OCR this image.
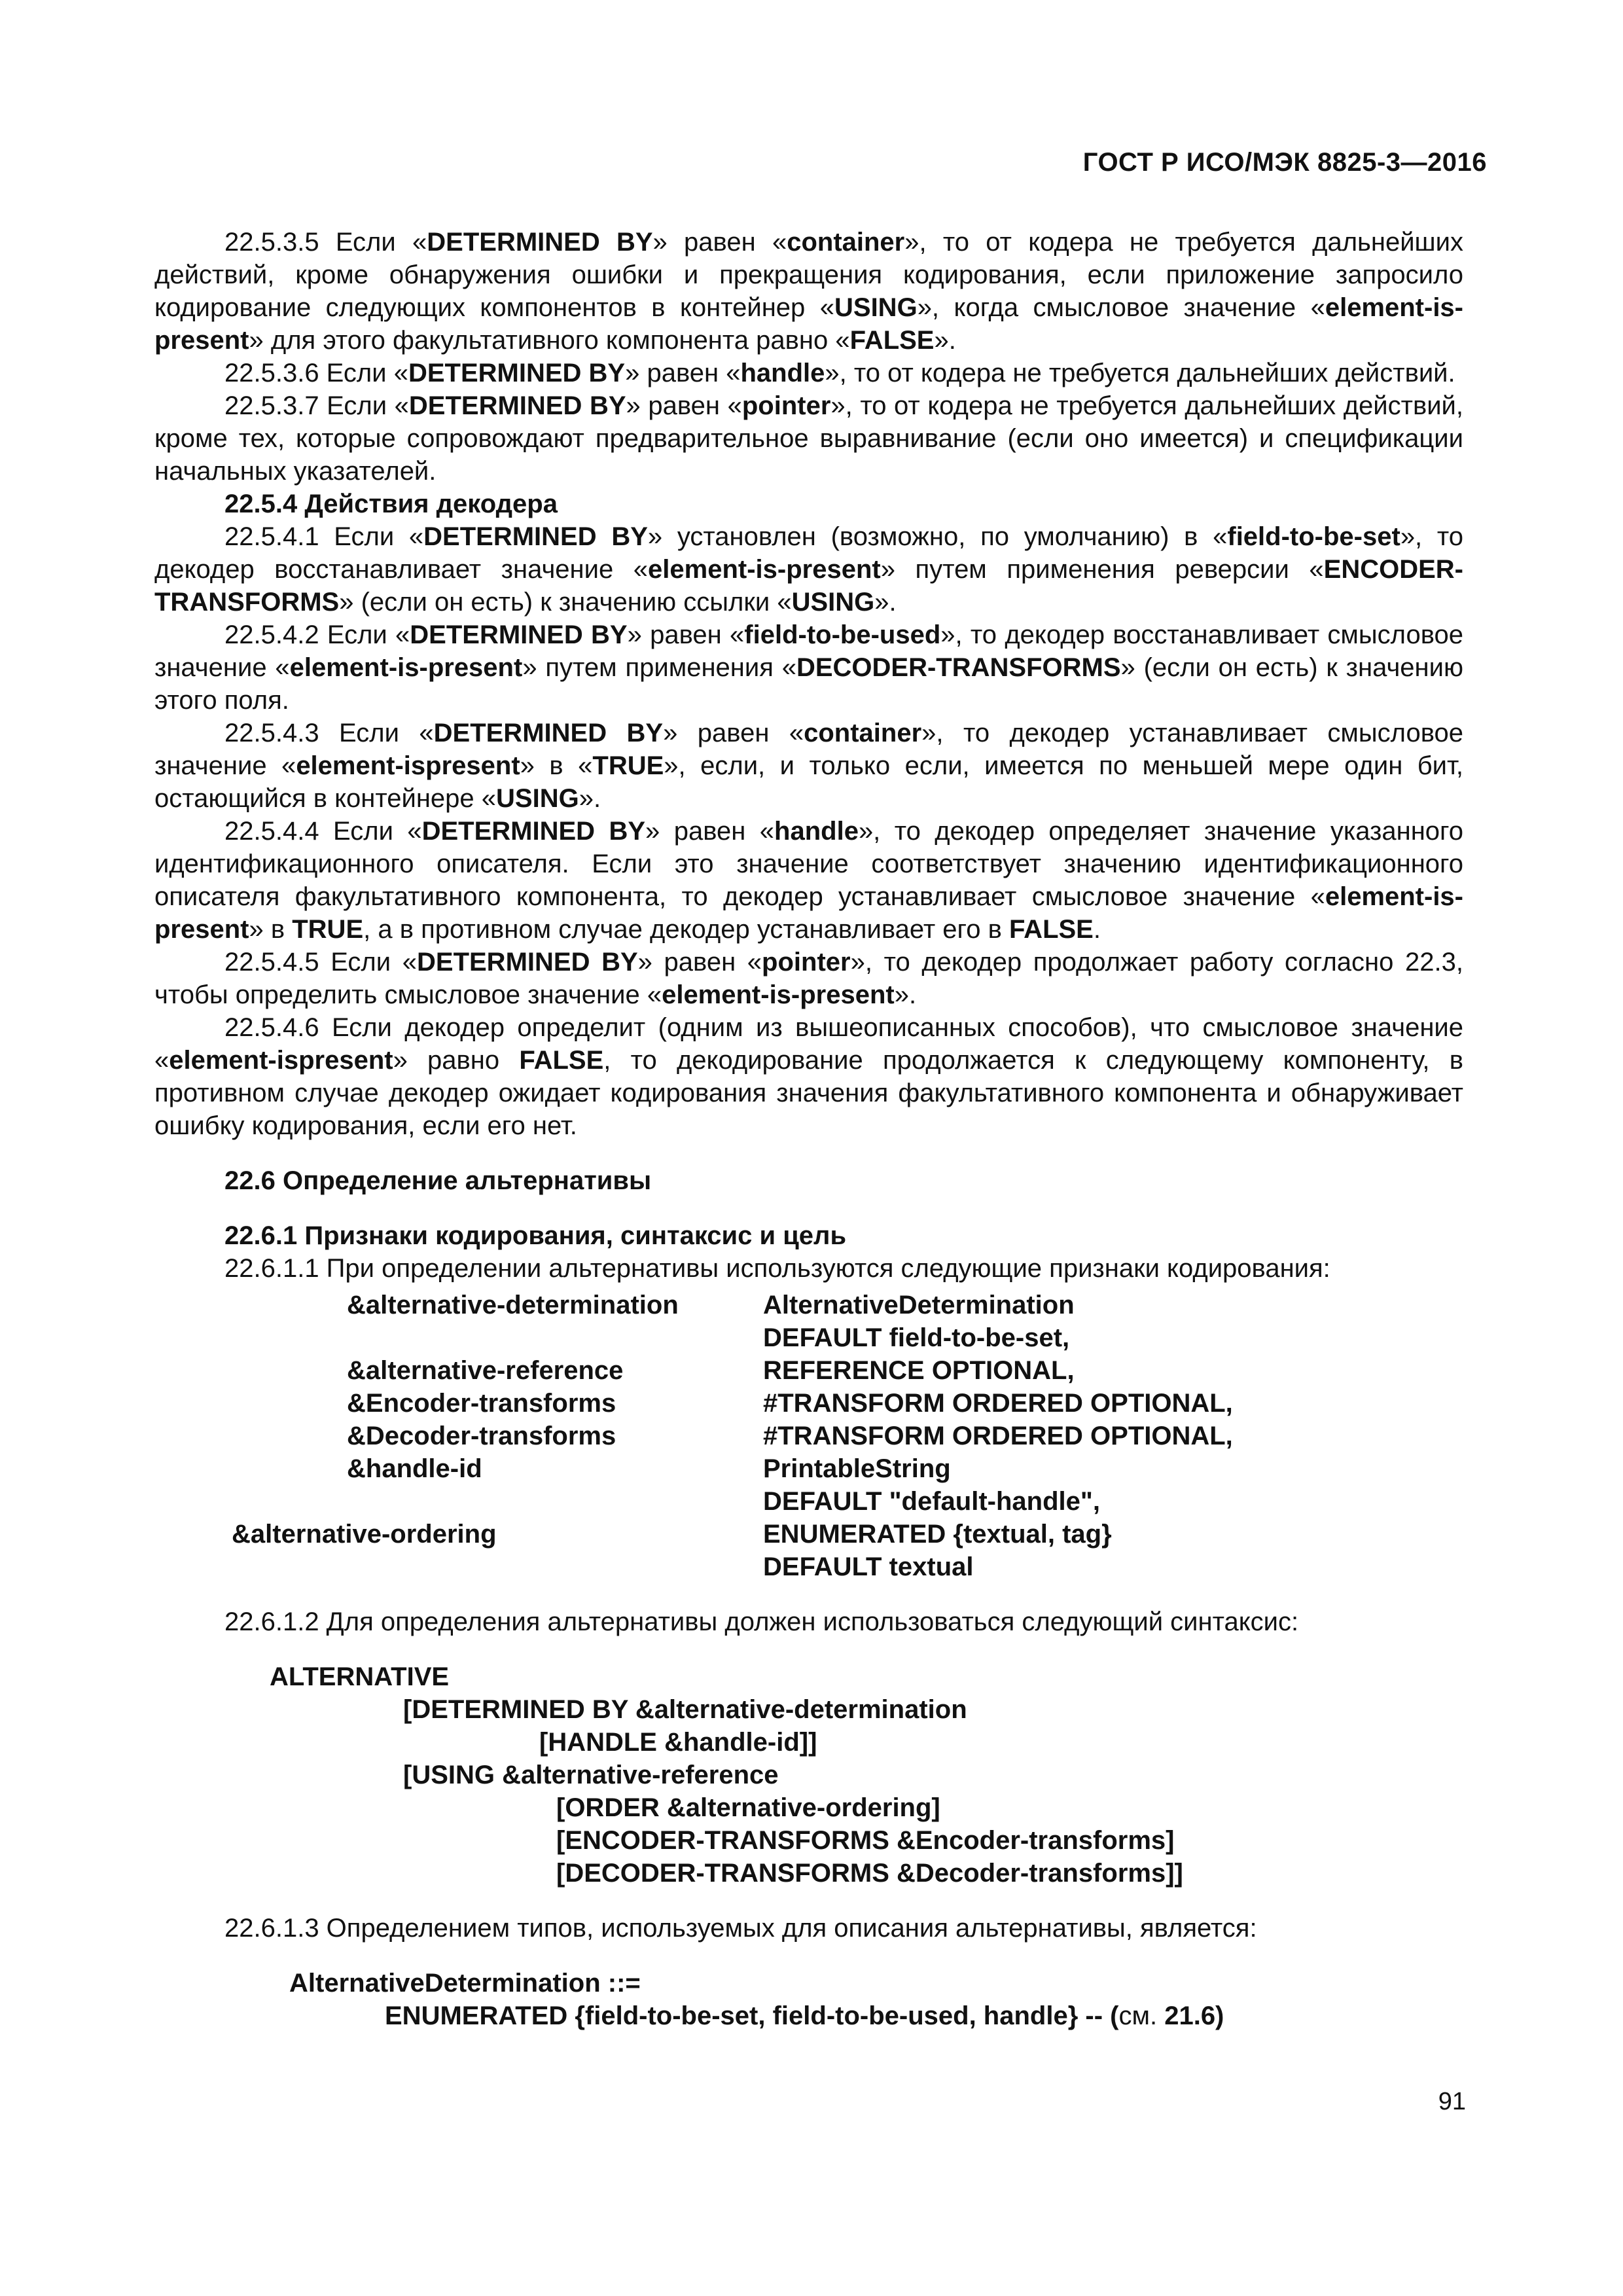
ГОСТ Р ИСО/МЭК 8825-3—2016

22.5.3.5 Если «DETERMINED BY» равен «container», то от кодера не требуется дальнейших действий, кроме обнаружения ошибки и прекращения кодирования, если приложение запросило кодирование следующих компонентов в контейнер «USING», когда смысловое значение «element-is-present» для этого факультативного компонента равно «FALSE».

22.5.3.6 Если «DETERMINED BY» равен «handle», то от кодера не требуется дальнейших действий.

22.5.3.7 Если «DETERMINED BY» равен «pointer», то от кодера не требуется дальнейших действий, кроме тех, которые сопровождают предварительное выравнивание (если оно имеется) и спецификации начальных указателей.

22.5.4 Действия декодера

22.5.4.1 Если «DETERMINED BY» установлен (возможно, по умолчанию) в «field-to-be-set», то декодер восстанавливает значение «element-is-present» путем применения реверсии «ENCODER-TRANSFORMS» (если он есть) к значению ссылки «USING».

22.5.4.2 Если «DETERMINED BY» равен «field-to-be-used», то декодер восстанавливает смысловое значение «element-is-present» путем применения «DECODER-TRANSFORMS» (если он есть) к значению этого поля.

22.5.4.3 Если «DETERMINED BY» равен «container», то декодер устанавливает смысловое значение «element-ispresent» в «TRUE», если, и только если, имеется по меньшей мере один бит, остающийся в контейнере «USING».

22.5.4.4 Если «DETERMINED BY» равен «handle», то декодер определяет значение указанного идентификационного описателя. Если это значение соответствует значению идентификационного описателя факультативного компонента, то декодер устанавливает смысловое значение «element-is-present» в TRUE, а в противном случае декодер устанавливает его в FALSE.

22.5.4.5 Если «DETERMINED BY» равен «pointer», то декодер продолжает работу согласно 22.3, чтобы определить смысловое значение «element-is-present».

22.5.4.6 Если декодер определит (одним из вышеописанных способов), что смысловое значение «element-ispresent» равно FALSE, то декодирование продолжается к следующему компоненту, в противном случае декодер ожидает кодирования значения факультативного компонента и обнаруживает ошибку кодирования, если его нет.

22.6 Определение альтернативы

22.6.1 Признаки кодирования, синтаксис и цель

22.6.1.1 При определении альтернативы используются следующие признаки кодирования:

&alternative-determination	AlternativeDetermination
DEFAULT field-to-be-set,
&alternative-reference	REFERENCE OPTIONAL,
&Encoder-transforms	#TRANSFORM ORDERED OPTIONAL,
&Decoder-transforms	#TRANSFORM ORDERED OPTIONAL,
&handle-id	PrintableString
DEFAULT "default-handle",
&alternative-ordering	ENUMERATED {textual, tag}
DEFAULT textual

22.6.1.2 Для определения альтернативы должен использоваться следующий синтаксис:

ALTERNATIVE
[DETERMINED BY &alternative-determination
[HANDLE &handle-id]]
[USING &alternative-reference
[ORDER &alternative-ordering]
[ENCODER-TRANSFORMS &Encoder-transforms]
[DECODER-TRANSFORMS &Decoder-transforms]]

22.6.1.3 Определением типов, используемых для описания альтернативы, является:

AlternativeDetermination ::=
ENUMERATED {field-to-be-set, field-to-be-used, handle} -- (см. 21.6)
91
